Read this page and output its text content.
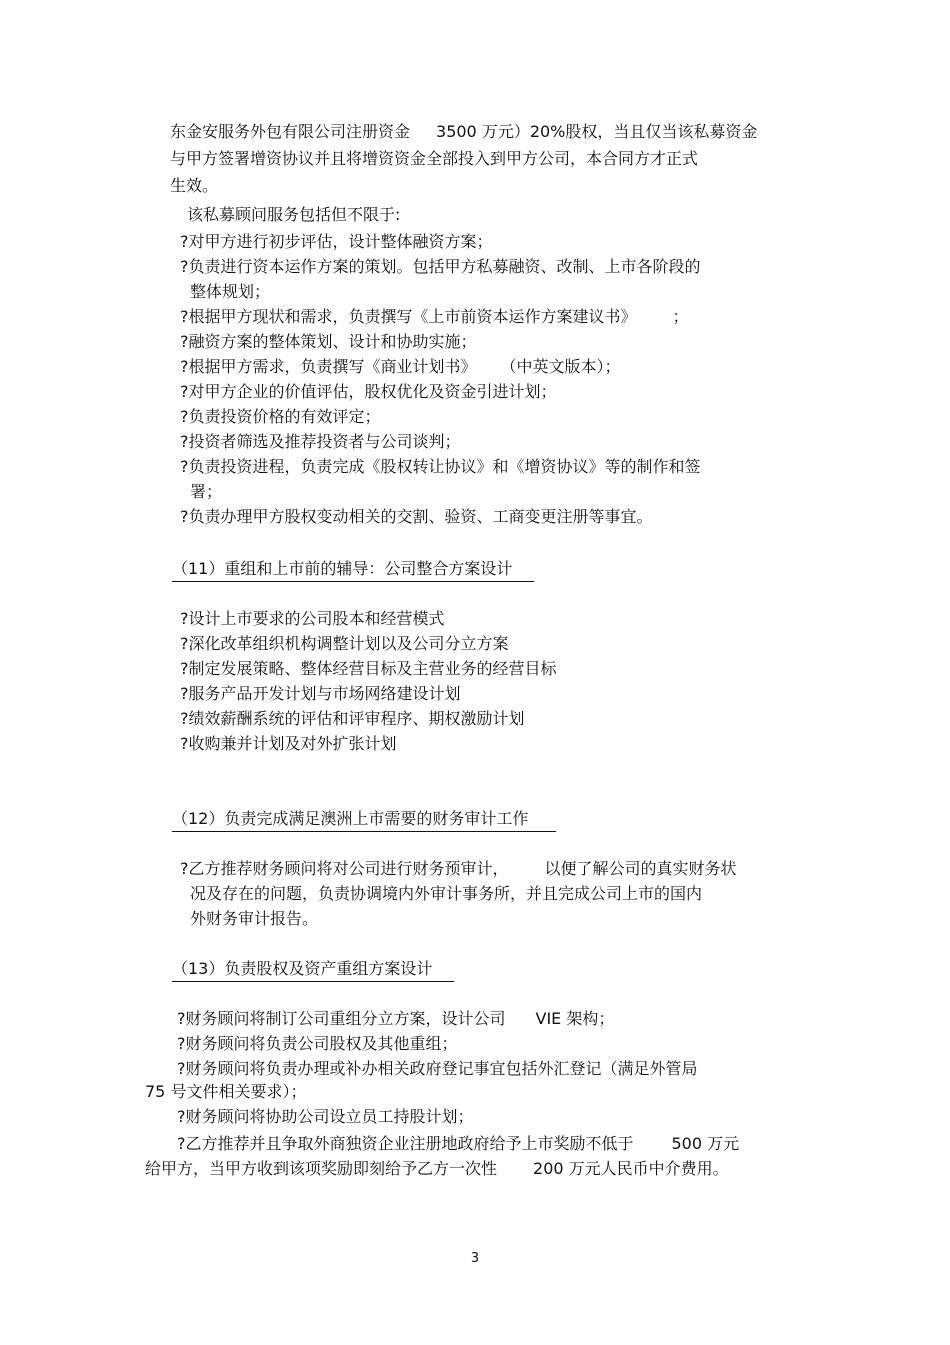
东金安服务外包有限公司注册资金 3500 万元）20%股权，当且仅当该私募资金
与甲方签署增资协议并且将增资资金全部投入到甲方公司，本合同方才正式
生效。
该私募顾问服务包括但不限于:
?对甲方进行初步评估，设计整体融资方案；
?负责进行资本运作方案的策划。包括甲方私募融资、改制、上市各阶段的
整体规划；
?根据甲方现状和需求，负责撰写《上市前资本运作方案建议书》 ；
?融资方案的整体策划、设计和协助实施；
?根据甲方需求，负责撰写《商业计划书》 （中英文版本）；
?对甲方企业的价值评估，股权优化及资金引进计划；
?负责投资价格的有效评定；
?投资者筛选及推荐投资者与公司谈判；
?负责投资进程，负责完成《股权转让协议》和《增资协议》等的制作和签
署；
?负责办理甲方股权变动相关的交割、验资、工商变更注册等事宜。
（11）重组和上市前的辅导：公司整合方案设计
?设计上市要求的公司股本和经营模式
?深化改革组织机构调整计划以及公司分立方案
?制定发展策略、整体经营目标及主营业务的经营目标
?服务产品开发计划与市场网络建设计划
?绩效薪酬系统的评估和评审程序、期权激励计划
?收购兼并计划及对外扩张计划
（12）负责完成满足澳洲上市需要的财务审计工作
?乙方推荐财务顾问将对公司进行财务预审计， 以便了解公司的真实财务状
况及存在的问题，负责协调境内外审计事务所，并且完成公司上市的国内
外财务审计报告。
（13）负责股权及资产重组方案设计
?财务顾问将制订公司重组分立方案，设计公司 VIE 架构；
?财务顾问将负责公司股权及其他重组；
?财务顾问将负责办理或补办相关政府登记事宜包括外汇登记（满足外管局
75 号文件相关要求）；
?财务顾问将协助公司设立员工持股计划；
?乙方推荐并且争取外商独资企业注册地政府给予上市奖励不低于 500 万元
给甲方，当甲方收到该项奖励即刻给予乙方一次性 200 万元人民币中介费用。
3
